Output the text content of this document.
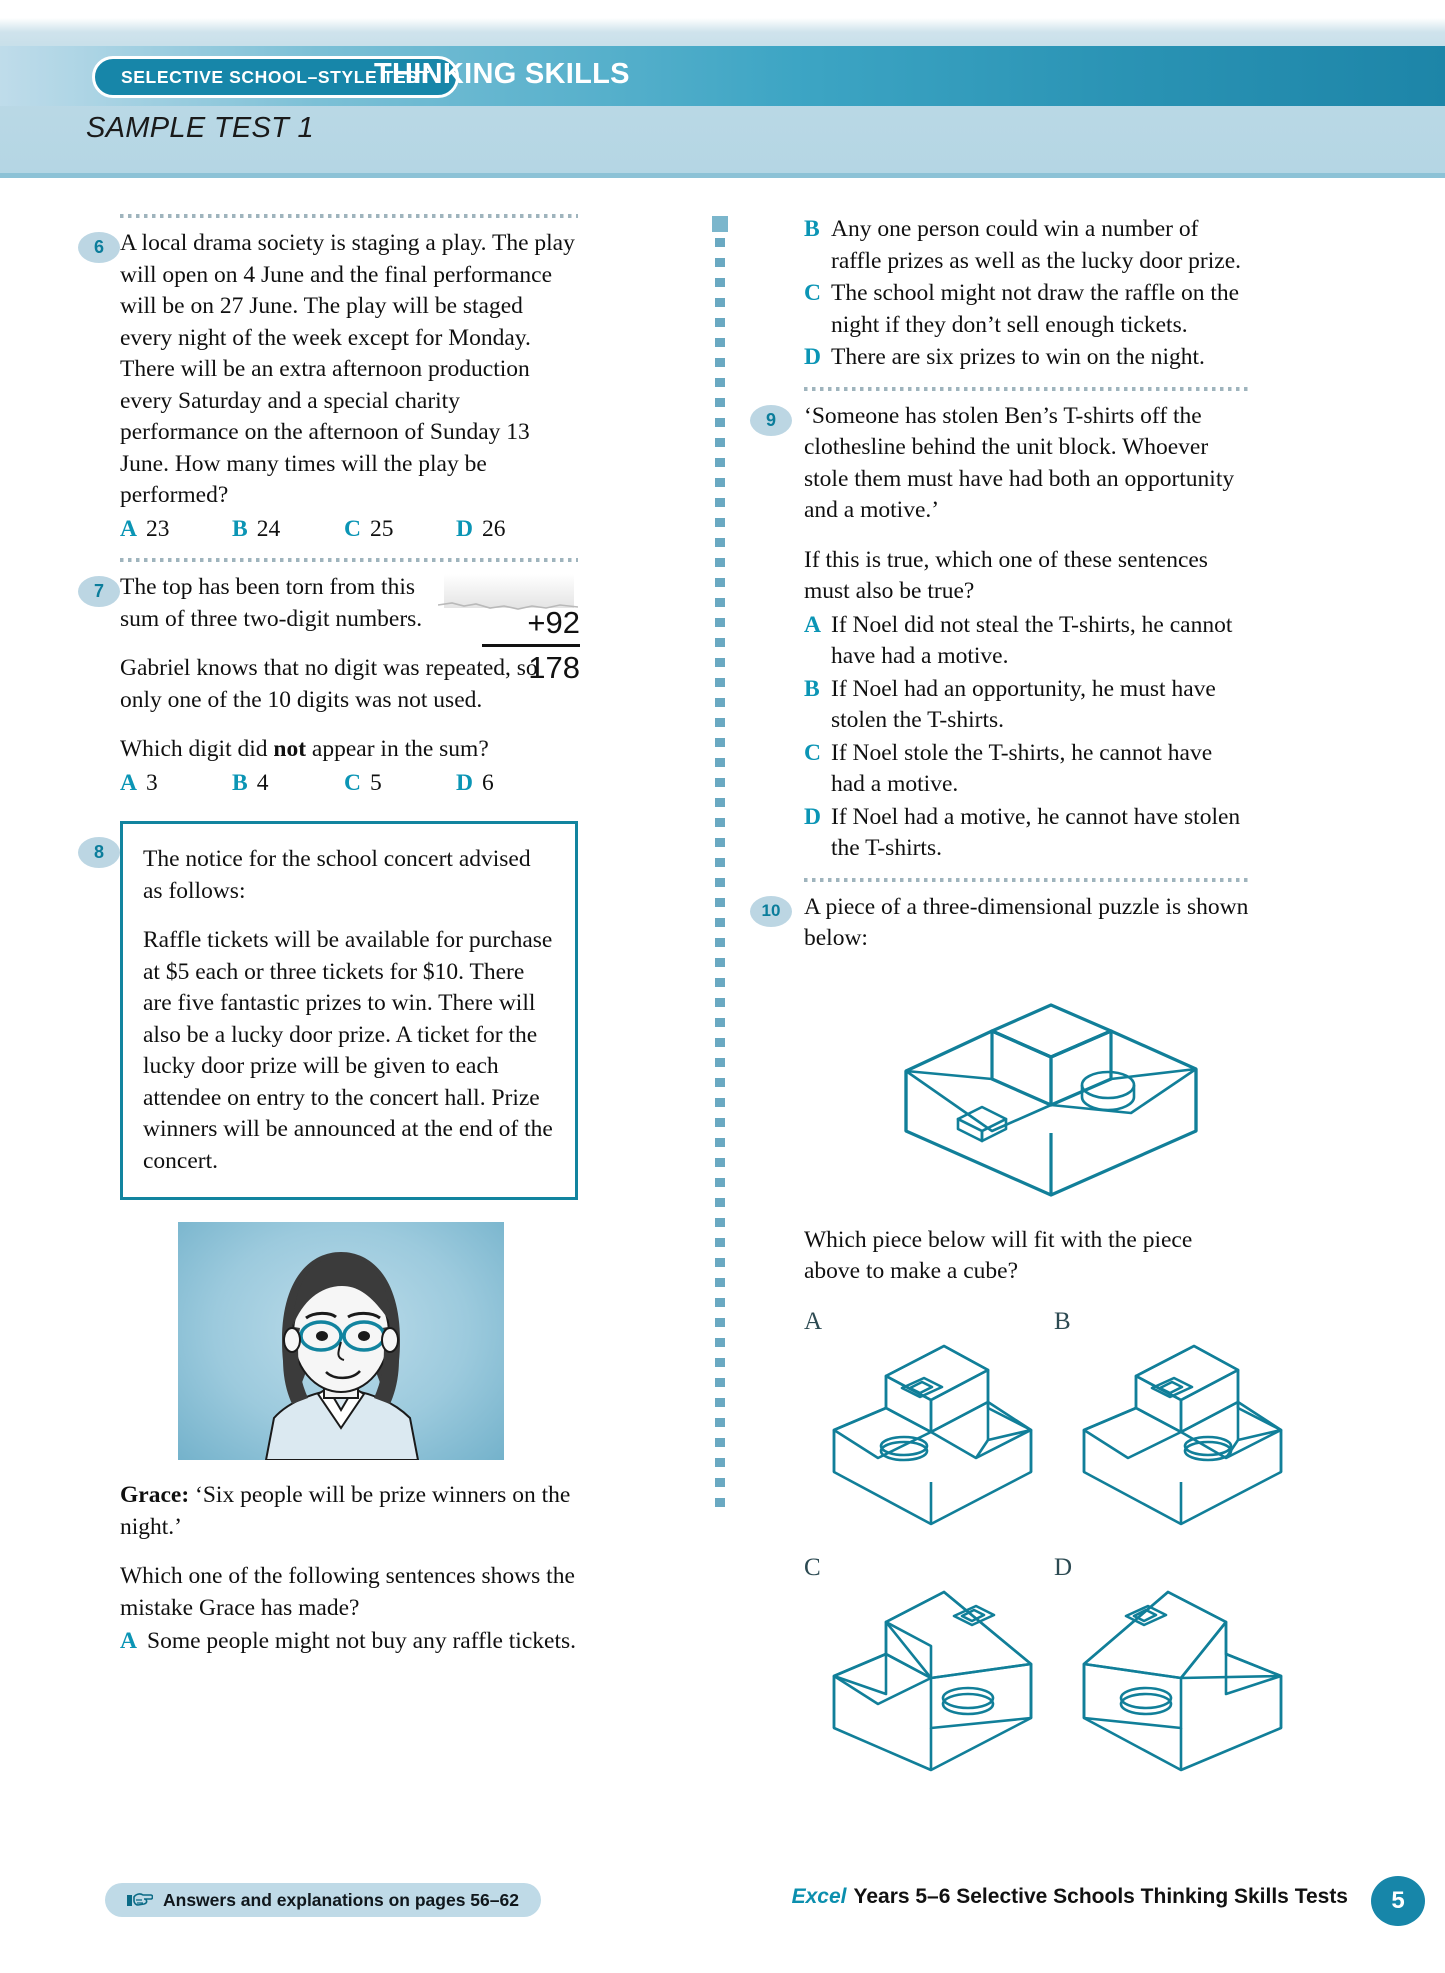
SELECTIVE SCHOOL–STYLE TEST
THINKING SKILLS
SAMPLE TEST 1
6 A local drama society is staging a play. The play will open on 4 June and the final performance will be on 27 June. The play will be staged every night of the week except for Monday. There will be an extra afternoon production every Saturday and a special charity performance on the afternoon of Sunday 13 June. How many times will the play be performed?
A 23	B 24	C 25	D 26
7
+92
178
The top has been torn from this sum of three two-digit numbers.
Gabriel knows that no digit was repeated, so only one of the 10 digits was not used.
Which digit did not appear in the sum?
A 3	B 4	C 5	D 6
8	The notice for the school concert advised as follows:
Raffle tickets will be available for purchase at $5 each or three tickets for $10. There are five fantastic prizes to win. There will also be a lucky door prize. A ticket for the lucky door prize will be given to each attendee on entry to the concert hall. Prize winners will be announced at the end of the concert.
Grace: ‘Six people will be prize winners on the night.’
Which one of the following sentences shows the mistake Grace has made?
A Some people might not buy any raffle tickets.
B Any one person could win a number of raffle prizes as well as the lucky door prize.
C The school might not draw the raffle on the night if they don’t sell enough tickets.
D There are six prizes to win on the night.
9	‘Someone has stolen Ben’s T-shirts off the clothesline behind the unit block. Whoever stole them must have had both an opportunity and a motive.’
If this is true, which one of these sentences must also be true?
A If Noel did not steal the T-shirts, he cannot have had a motive.
B If Noel had an opportunity, he must have stolen the T-shirts.
C If Noel stole the T-shirts, he cannot have had a motive.
D If Noel had a motive, he cannot have stolen the T-shirts.
10	A piece of a three-dimensional puzzle is shown below:
Which piece below will fit with the piece above to make a cube?
A	B
C	D
Answers and explanations on pages 56–62	Excel Years 5–6 Selective Schools Thinking Skills Tests	5
